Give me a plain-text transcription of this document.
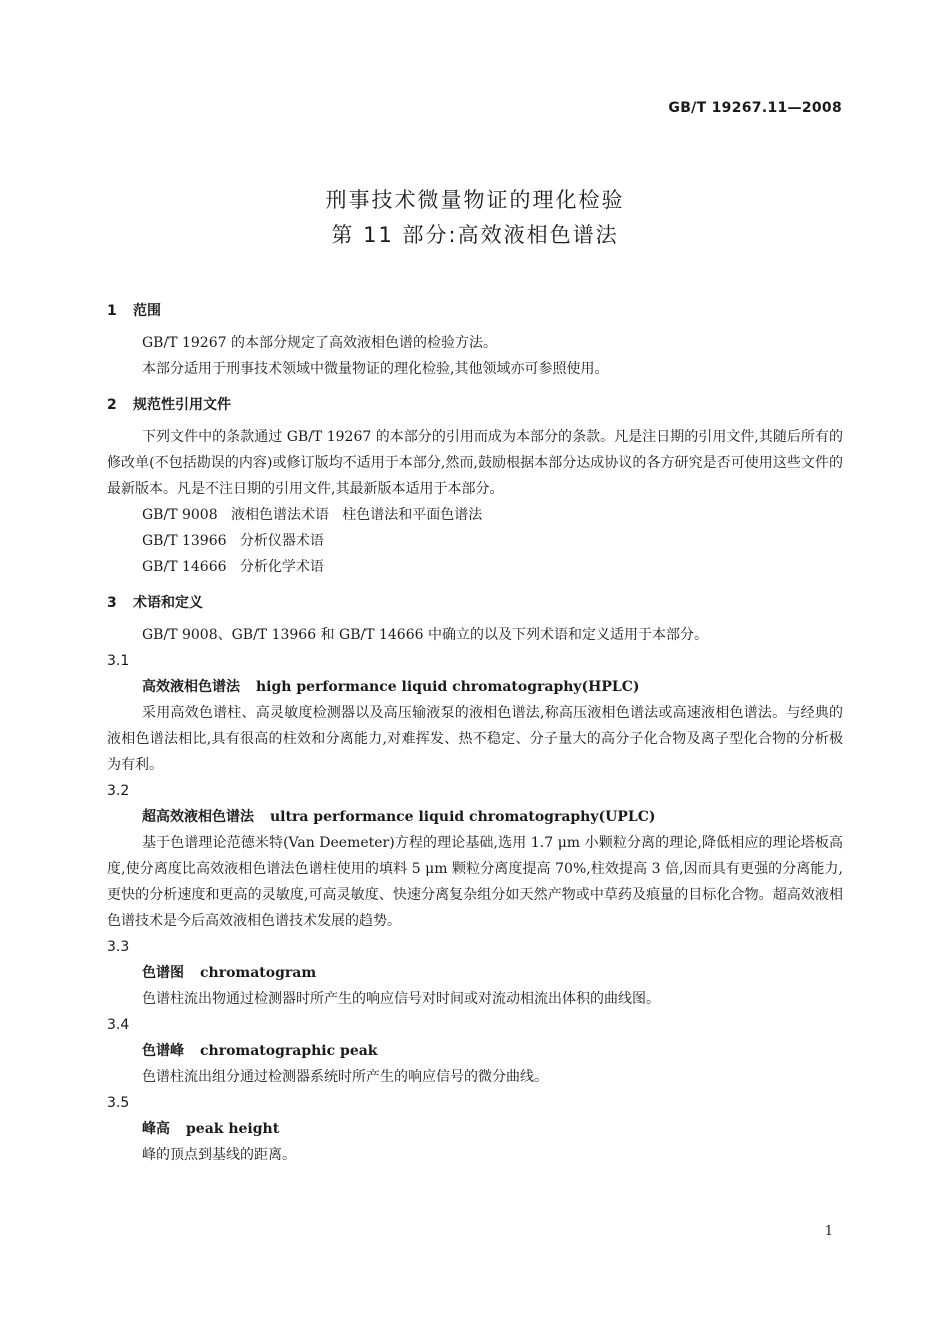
GB/T 19267.11—2008
刑事技术微量物证的理化检验
第 11 部分:高效液相色谱法
1 范围
GB/T 19267 的本部分规定了高效液相色谱的检验方法。
本部分适用于刑事技术领域中微量物证的理化检验,其他领域亦可参照使用。
2 规范性引用文件
下列文件中的条款通过 GB/T 19267 的本部分的引用而成为本部分的条款。凡是注日期的引用文件,其随后所有的修改单(不包括勘误的内容)或修订版均不适用于本部分,然而,鼓励根据本部分达成协议的各方研究是否可使用这些文件的最新版本。凡是不注日期的引用文件,其最新版本适用于本部分。
GB/T 9008   液相色谱法术语   柱色谱法和平面色谱法
GB/T 13966   分析仪器术语
GB/T 14666   分析化学术语
3 术语和定义
GB/T 9008、GB/T 13966 和 GB/T 14666 中确立的以及下列术语和定义适用于本部分。
3.1
高效液相色谱法 high performance liquid chromatography(HPLC)
采用高效色谱柱、高灵敏度检测器以及高压输液泵的液相色谱法,称高压液相色谱法或高速液相色谱法。与经典的液相色谱法相比,具有很高的柱效和分离能力,对难挥发、热不稳定、分子量大的高分子化合物及离子型化合物的分析极为有利。
3.2
超高效液相色谱法 ultra performance liquid chromatography(UPLC)
基于色谱理论范德米特(Van Deemeter)方程的理论基础,选用 1.7 μm 小颗粒分离的理论,降低相应的理论塔板高度,使分离度比高效液相色谱法色谱柱使用的填料 5 μm 颗粒分离度提高 70%,柱效提高 3 倍,因而具有更强的分离能力,更快的分析速度和更高的灵敏度,可高灵敏度、快速分离复杂组分如天然产物或中草药及痕量的目标化合物。超高效液相色谱技术是今后高效液相色谱技术发展的趋势。
3.3
色谱图 chromatogram
色谱柱流出物通过检测器时所产生的响应信号对时间或对流动相流出体积的曲线图。
3.4
色谱峰 chromatographic peak
色谱柱流出组分通过检测器系统时所产生的响应信号的微分曲线。
3.5
峰高 peak height
峰的顶点到基线的距离。
1
